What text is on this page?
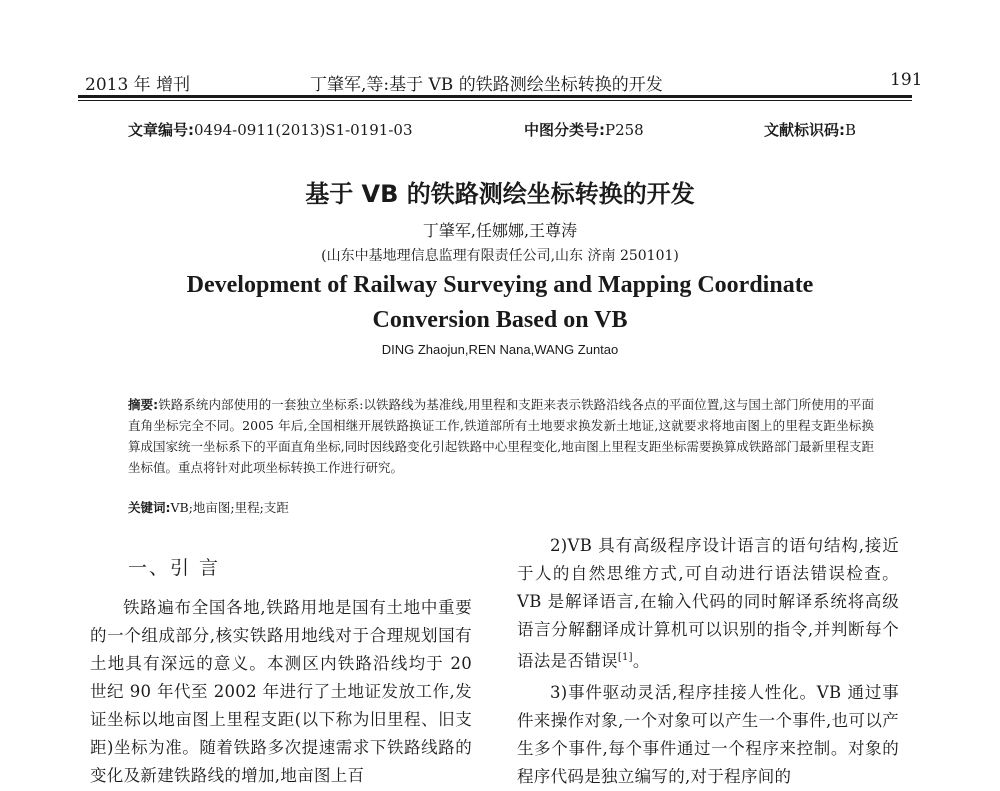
2013 年 增刊	丁肇军,等:基于 VB 的铁路测绘坐标转换的开发	191
文章编号:0494-0911(2013)S1-0191-03	中图分类号:P258	文献标识码:B
基于 VB 的铁路测绘坐标转换的开发
丁肇军,任娜娜,王尊涛
(山东中基地理信息监理有限责任公司,山东 济南 250101)
Development of Railway Surveying and Mapping Coordinate
Conversion Based on VB
DING Zhaojun,REN Nana,WANG Zuntao
摘要:铁路系统内部使用的一套独立坐标系:以铁路线为基准线,用里程和支距来表示铁路沿线各点的平面位置,这与国土部门所使用的平面直角坐标完全不同。2005 年后,全国相继开展铁路换证工作,铁道部所有土地要求换发新土地证,这就要求将地亩图上的里程支距坐标换算成国家统一坐标系下的平面直角坐标,同时因线路变化引起铁路中心里程变化,地亩图上里程支距坐标需要换算成铁路部门最新里程支距坐标值。重点将针对此项坐标转换工作进行研究。
关键词:VB;地亩图;里程;支距
一、引 言

铁路遍布全国各地,铁路用地是国有土地中重要的一个组成部分,核实铁路用地线对于合理规划国有土地具有深远的意义。本测区内铁路沿线均于 20 世纪 90 年代至 2002 年进行了土地证发放工作,发证坐标以地亩图上里程支距(以下称为旧里程、旧支距)坐标为准。随着铁路多次提速需求下铁路线路的变化及新建铁路线的增加,地亩图上百

2)VB 具有高级程序设计语言的语句结构,接近于人的自然思维方式,可自动进行语法错误检查。VB 是解译语言,在输入代码的同时解译系统将高级语言分解翻译成计算机可以识别的指令,并判断每个语法是否错误[1]。

3)事件驱动灵活,程序挂接人性化。VB 通过事件来操作对象,一个对象可以产生一个事件,也可以产生多个事件,每个事件通过一个程序来控制。对象的程序代码是独立编写的,对于程序间的
